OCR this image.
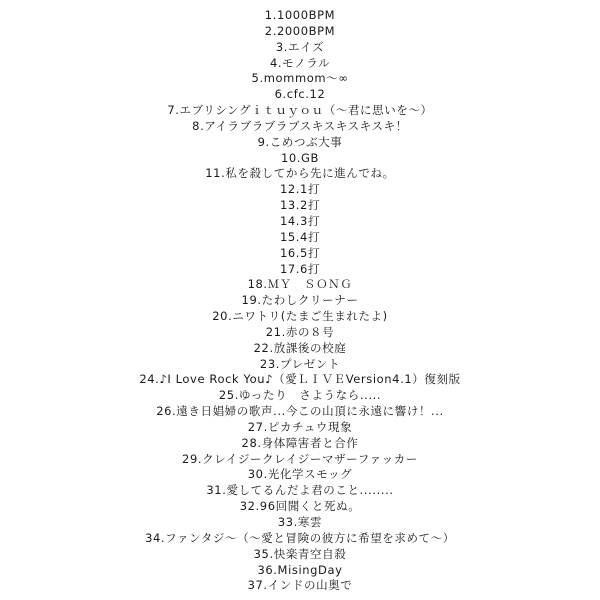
1.1000BPM
2.2000BPM
3.エイズ
4.モノラル
5.mommom～∞
6.cfc.12
7.エブリシングｉｔｕｙｏｕ（～君に思いを～）
8.アイラブラブラブスキスキスキスキ！
9.こめつぶ大事
10.GB
11.私を殺してから先に進んでね。
12.1打
13.2打
14.3打
15.4打
16.5打
17.6打
18.ＭＹ　ＳＯＮＧ
19.たわしクリーナー
20.ニワトリ(たまご生まれたよ)
21.赤の８号
22.放課後の校庭
23.プレゼント
24.♪I Love Rock You♪（愛ＬＩＶＥVersion4.1）復刻版
25.ゆったり　さようなら.....
26.遠き日娼婦の歌声...今この山頂に永遠に響け！...
27.ピカチュウ現象
28.身体障害者と合作
29.クレイジークレイジーマザーファッカー
30.光化学スモッグ
31.愛してるんだよ君のこと........
32.96回聞くと死ぬ。
33.寒雲
34.ファンタジ～（～愛と冒険の彼方に希望を求めて～）
35.快楽青空自殺
36.MisingDay
37.インドの山奥で
